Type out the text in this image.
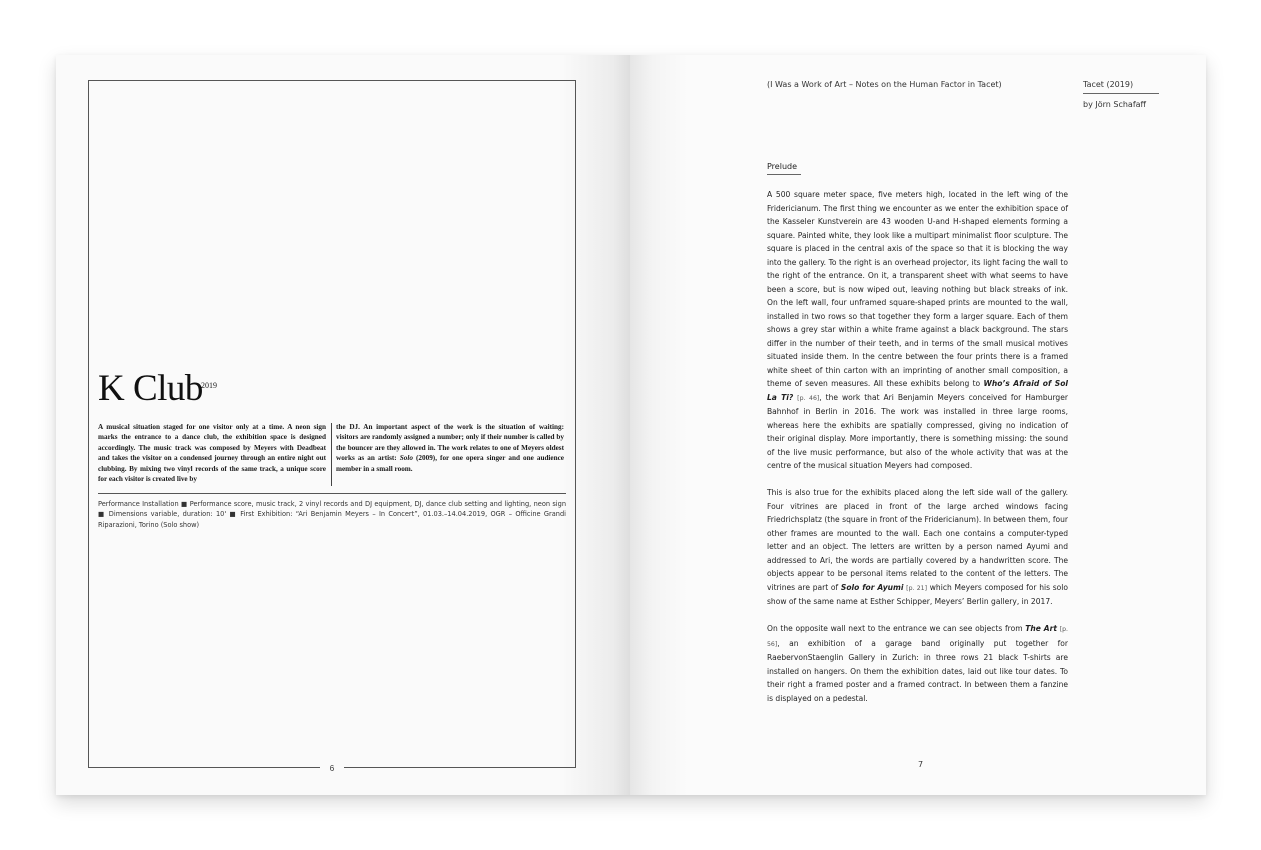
6
K Club
2019
A musical situation staged for one visitor only at a time. A neon sign marks the entrance to a dance club, the exhibition space is designed accordingly. The music track was composed by Meyers with Deadbeat and takes the visitor on a condensed journey through an entire night out clubbing. By mixing two vinyl records of the same track, a unique score for each visitor is created live by
the DJ. An important aspect of the work is the situation of waiting: visitors are randomly assigned a number; only if their number is called by the bouncer are they allowed in. The work relates to one of Meyers oldest works as an artist: Solo (2009), for one opera singer and one audience member in a small room.
Performance Installation ■ Performance score, music track, 2 vinyl records and DJ equipment, DJ, dance club setting and lighting, neon sign ■ Dimensions variable, duration: 10' ■ First Exhibition: “Ari Benjamin Meyers – In Concert”, 01.03.–14.04.2019, OGR – Officine Grandi Riparazioni, Torino (Solo show)
(I Was a Work of Art – Notes on the Human Factor in Tacet)	Tacet (2019)
by Jörn Schafaff
Prelude

A 500 square meter space, five meters high, located in the left wing of the Fridericianum. The first thing we encounter as we enter the exhibition space of the Kasseler Kunstverein are 43 wooden U-and H-shaped elements forming a square. Painted white, they look like a multipart minimalist floor sculpture. The square is placed in the central axis of the space so that it is blocking the way into the gallery. To the right is an overhead projector, its light facing the wall to the right of the entrance. On it, a transparent sheet with what seems to have been a score, but is now wiped out, leaving nothing but black streaks of ink. On the left wall, four unframed square-shaped prints are mounted to the wall, installed in two rows so that together they form a larger square. Each of them shows a grey star within a white frame against a black background. The stars differ in the number of their teeth, and in terms of the small musical motives situated inside them. In the centre between the four prints there is a framed white sheet of thin carton with an imprinting of another small composition, a theme of seven measures. All these exhibits belong to Who’s Afraid of Sol La Ti? [p. 46], the work that Ari Benjamin Meyers conceived for Hamburger Bahnhof in Berlin in 2016. The work was installed in three large rooms, whereas here the exhibits are spatially compressed, giving no indication of their original display. More importantly, there is something missing: the sound of the live music performance, but also of the whole activity that was at the centre of the musical situation Meyers had composed.

This is also true for the exhibits placed along the left side wall of the gallery. Four vitrines are placed in front of the large arched windows facing Friedrichsplatz (the square in front of the Fridericianum). In between them, four other frames are mounted to the wall. Each one contains a computer-typed letter and an object. The letters are written by a person named Ayumi and addressed to Ari, the words are partially covered by a handwritten score. The objects appear to be personal items related to the content of the letters. The vitrines are part of Solo for Ayumi [p. 21] which Meyers composed for his solo show of the same name at Esther Schipper, Meyers’ Berlin gallery, in 2017.

On the opposite wall next to the entrance we can see objects from The Art [p. 56], an exhibition of a garage band originally put together for RaebervonStaenglin Gallery in Zurich: in three rows 21 black T-shirts are installed on hangers. On them the exhibition dates, laid out like tour dates. To their right a framed poster and a framed contract. In between them a fanzine is displayed on a pedestal.

7
